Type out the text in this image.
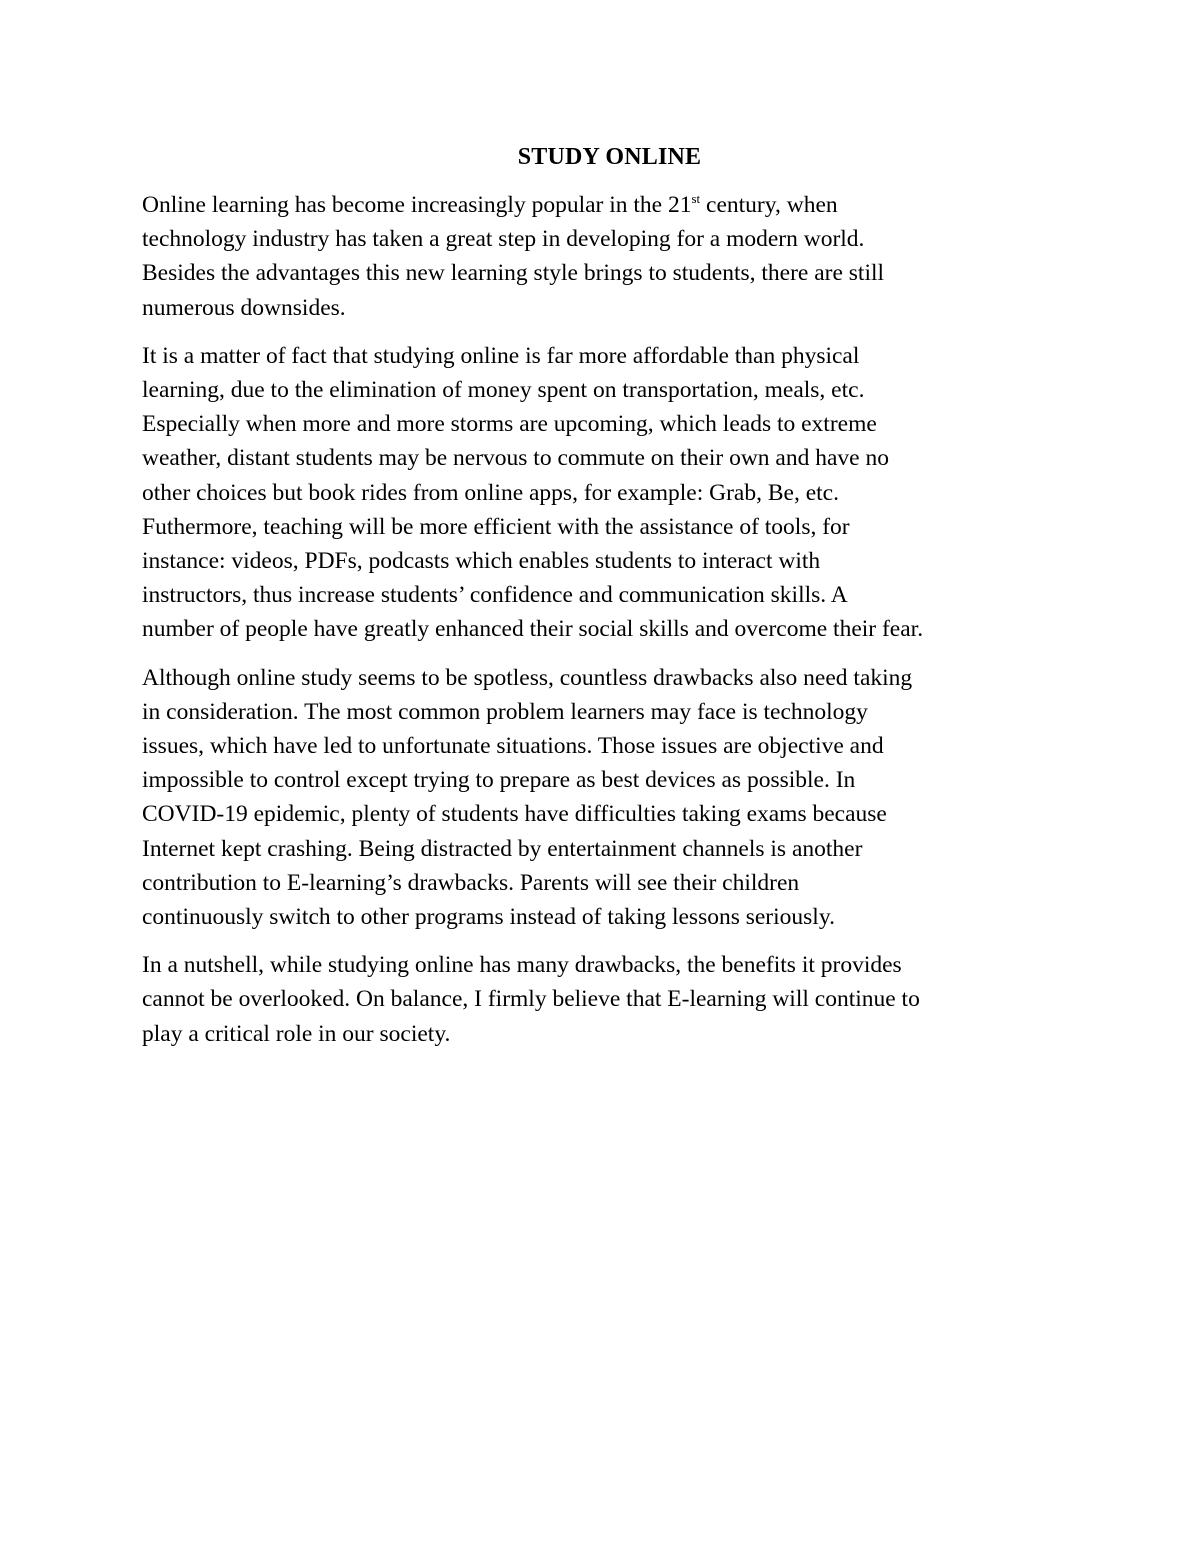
STUDY ONLINE
Online learning has become increasingly popular in the 21st century, when
technology industry has taken a great step in developing for a modern world.
Besides the advantages this new learning style brings to students, there are still
numerous downsides.
It is a matter of fact that studying online is far more affordable than physical
learning, due to the elimination of money spent on transportation, meals, etc.
Especially when more and more storms are upcoming, which leads to extreme
weather, distant students may be nervous to commute on their own and have no
other choices but book rides from online apps, for example: Grab, Be, etc.
Futhermore, teaching will be more efficient with the assistance of tools, for
instance: videos, PDFs, podcasts which enables students to interact with
instructors, thus increase students’ confidence and communication skills. A
number of people have greatly enhanced their social skills and overcome their fear.
Although online study seems to be spotless, countless drawbacks also need taking
in consideration. The most common problem learners may face is technology
issues, which have led to unfortunate situations. Those issues are objective and
impossible to control except trying to prepare as best devices as possible. In
COVID-19 epidemic, plenty of students have difficulties taking exams because
Internet kept crashing. Being distracted by entertainment channels is another
contribution to E-learning’s drawbacks. Parents will see their children
continuously switch to other programs instead of taking lessons seriously.
In a nutshell, while studying online has many drawbacks, the benefits it provides
cannot be overlooked. On balance, I firmly believe that E-learning will continue to
play a critical role in our society.
